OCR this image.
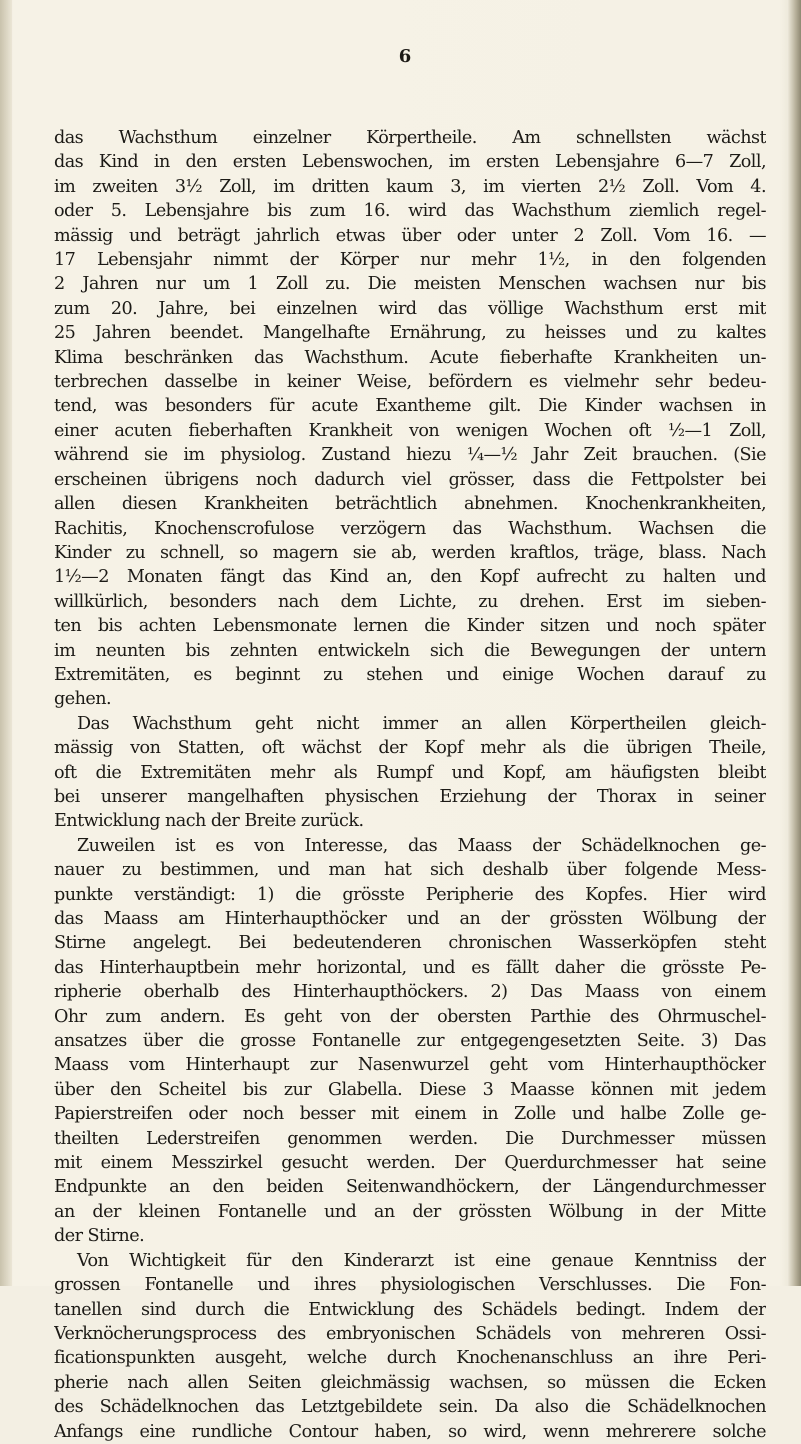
6
das Wachsthum einzelner Körpertheile. Am schnellsten wächst
das Kind in den ersten Lebenswochen, im ersten Lebensjahre 6—7 Zoll,
im zweiten 3½ Zoll, im dritten kaum 3, im vierten 2½ Zoll. Vom 4.
oder 5. Lebensjahre bis zum 16. wird das Wachsthum ziemlich regel-
mässig und beträgt jahrlich etwas über oder unter 2 Zoll. Vom 16. —
17 Lebensjahr nimmt der Körper nur mehr 1½, in den folgenden
2 Jahren nur um 1 Zoll zu. Die meisten Menschen wachsen nur bis
zum 20. Jahre, bei einzelnen wird das völlige Wachsthum erst mit
25 Jahren beendet. Mangelhafte Ernährung, zu heisses und zu kaltes
Klima beschränken das Wachsthum. Acute fieberhafte Krankheiten un-
terbrechen dasselbe in keiner Weise, befördern es vielmehr sehr bedeu-
tend, was besonders für acute Exantheme gilt. Die Kinder wachsen in
einer acuten fieberhaften Krankheit von wenigen Wochen oft ½—1 Zoll,
während sie im physiolog. Zustand hiezu ¼—½ Jahr Zeit brauchen. (Sie
erscheinen übrigens noch dadurch viel grösser, dass die Fettpolster bei
allen diesen Krankheiten beträchtlich abnehmen. Knochenkrankheiten,
Rachitis, Knochenscrofulose verzögern das Wachsthum. Wachsen die
Kinder zu schnell, so magern sie ab, werden kraftlos, träge, blass. Nach
1½—2 Monaten fängt das Kind an, den Kopf aufrecht zu halten und
willkürlich, besonders nach dem Lichte, zu drehen. Erst im sieben-
ten bis achten Lebensmonate lernen die Kinder sitzen und noch später
im neunten bis zehnten entwickeln sich die Bewegungen der untern
Extremitäten, es beginnt zu stehen und einige Wochen darauf zu
gehen.
Das Wachsthum geht nicht immer an allen Körpertheilen gleich-
mässig von Statten, oft wächst der Kopf mehr als die übrigen Theile,
oft die Extremitäten mehr als Rumpf und Kopf, am häufigsten bleibt
bei unserer mangelhaften physischen Erziehung der Thorax in seiner
Entwicklung nach der Breite zurück.
Zuweilen ist es von Interesse, das Maass der Schädelknochen ge-
nauer zu bestimmen, und man hat sich deshalb über folgende Mess-
punkte verständigt: 1) die grösste Peripherie des Kopfes. Hier wird
das Maass am Hinterhaupthöcker und an der grössten Wölbung der
Stirne angelegt. Bei bedeutenderen chronischen Wasserköpfen steht
das Hinterhauptbein mehr horizontal, und es fällt daher die grösste Pe-
ripherie oberhalb des Hinterhaupthöckers. 2) Das Maass von einem
Ohr zum andern. Es geht von der obersten Parthie des Ohrmuschel-
ansatzes über die grosse Fontanelle zur entgegengesetzten Seite. 3) Das
Maass vom Hinterhaupt zur Nasenwurzel geht vom Hinterhaupthöcker
über den Scheitel bis zur Glabella. Diese 3 Maasse können mit jedem
Papierstreifen oder noch besser mit einem in Zolle und halbe Zolle ge-
theilten Lederstreifen genommen werden. Die Durchmesser müssen
mit einem Messzirkel gesucht werden. Der Querdurchmesser hat seine
Endpunkte an den beiden Seitenwandhöckern, der Längendurchmesser
an der kleinen Fontanelle und an der grössten Wölbung in der Mitte
der Stirne.
Von Wichtigkeit für den Kinderarzt ist eine genaue Kenntniss der
grossen Fontanelle und ihres physiologischen Verschlusses. Die Fon-
tanellen sind durch die Entwicklung des Schädels bedingt. Indem der
Verknöcherungsprocess des embryonischen Schädels von mehreren Ossi-
ficationspunkten ausgeht, welche durch Knochenanschluss an ihre Peri-
pherie nach allen Seiten gleichmässig wachsen, so müssen die Ecken
des Schädelknochen das Letztgebildete sein. Da also die Schädelknochen
Anfangs eine rundliche Contour haben, so wird, wenn mehrerere solche
